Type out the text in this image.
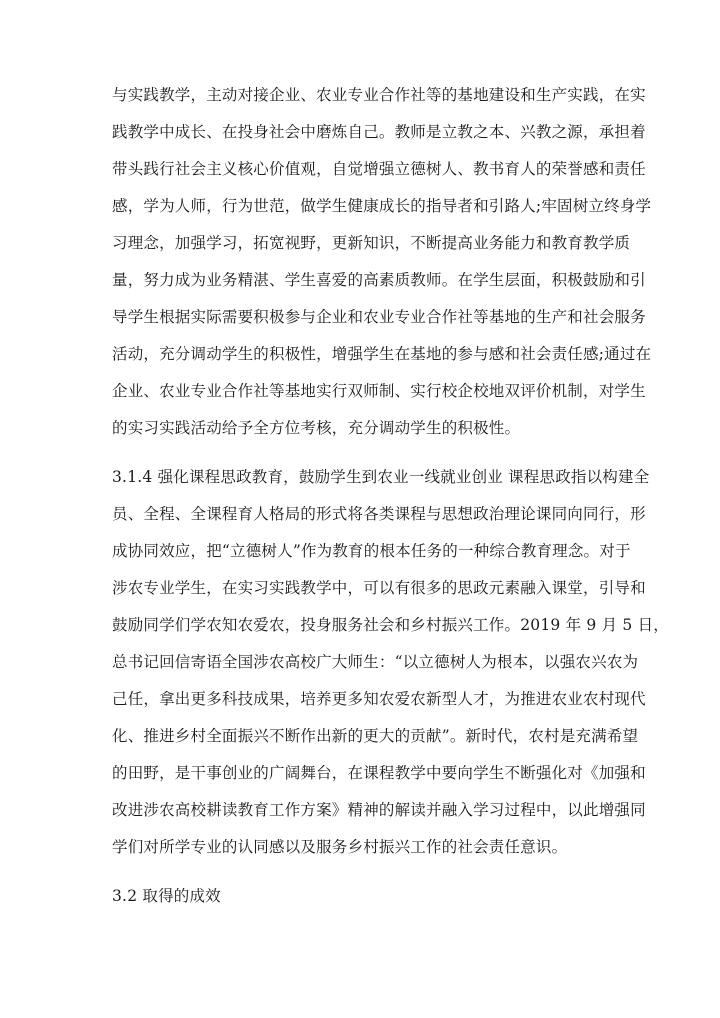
与实践教学，主动对接企业、农业专业合作社等的基地建设和生产实践，在实
践教学中成长、在投身社会中磨炼自己。教师是立教之本、兴教之源，承担着
带头践行社会主义核心价值观，自觉增强立德树人、教书育人的荣誉感和责任
感，学为人师，行为世范，做学生健康成长的指导者和引路人;牢固树立终身学
习理念，加强学习，拓宽视野，更新知识，不断提高业务能力和教育教学质
量，努力成为业务精湛、学生喜爱的高素质教师。在学生层面，积极鼓励和引
导学生根据实际需要积极参与企业和农业专业合作社等基地的生产和社会服务
活动，充分调动学生的积极性，增强学生在基地的参与感和社会责任感;通过在
企业、农业专业合作社等基地实行双师制、实行校企校地双评价机制，对学生
的实习实践活动给予全方位考核，充分调动学生的积极性。
3.1.4 强化课程思政教育，鼓励学生到农业一线就业创业 课程思政指以构建全
员、全程、全课程育人格局的形式将各类课程与思想政治理论课同向同行，形
成协同效应，把“立德树人”作为教育的根本任务的一种综合教育理念。对于
涉农专业学生，在实习实践教学中，可以有很多的思政元素融入课堂，引导和
鼓励同学们学农知农爱农，投身服务社会和乡村振兴工作。2019 年 9 月 5 日，
总书记回信寄语全国涉农高校广大师生：“以立德树人为根本，以强农兴农为
己任，拿出更多科技成果，培养更多知农爱农新型人才，为推进农业农村现代
化、推进乡村全面振兴不断作出新的更大的贡献”。新时代，农村是充满希望
的田野，是干事创业的广阔舞台，在课程教学中要向学生不断强化对《加强和
改进涉农高校耕读教育工作方案》精神的解读并融入学习过程中，以此增强同
学们对所学专业的认同感以及服务乡村振兴工作的社会责任意识。
3.2 取得的成效
